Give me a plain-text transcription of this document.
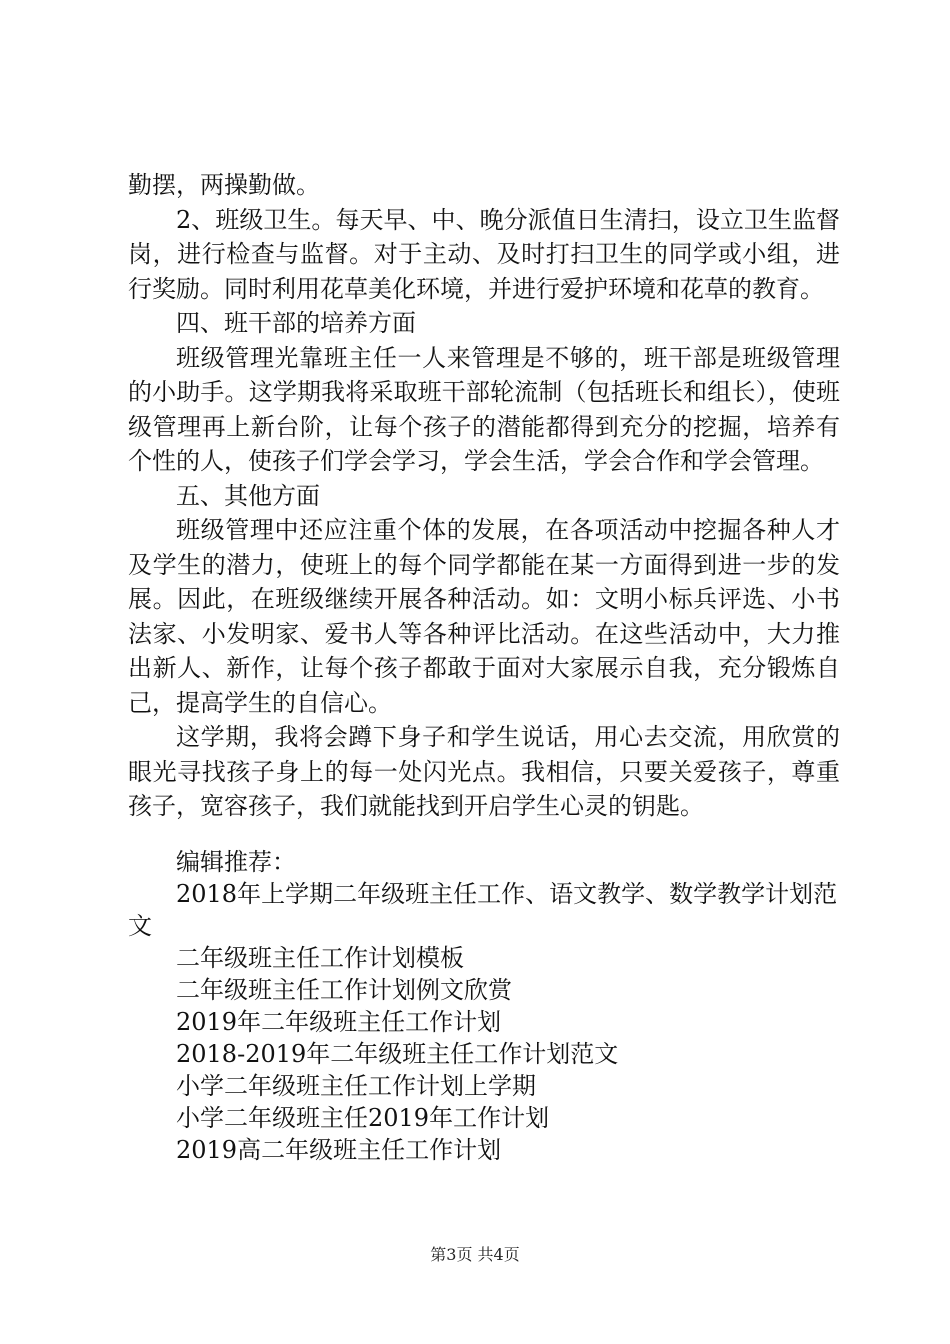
勤摆，两操勤做。

2、班级卫生。每天早、中、晚分派值日生清扫，设立卫生监督岗，进行检查与监督。对于主动、及时打扫卫生的同学或小组，进行奖励。同时利用花草美化环境，并进行爱护环境和花草的教育。

四、班干部的培养方面

班级管理光靠班主任一人来管理是不够的，班干部是班级管理的小助手。这学期我将采取班干部轮流制（包括班长和组长），使班级管理再上新台阶，让每个孩子的潜能都得到充分的挖掘，培养有个性的人，使孩子们学会学习，学会生活，学会合作和学会管理。

五、其他方面

班级管理中还应注重个体的发展，在各项活动中挖掘各种人才及学生的潜力，使班上的每个同学都能在某一方面得到进一步的发展。因此，在班级继续开展各种活动。如：文明小标兵评选、小书法家、小发明家、爱书人等各种评比活动。在这些活动中，大力推出新人、新作，让每个孩子都敢于面对大家展示自我，充分锻炼自己，提高学生的自信心。

这学期，我将会蹲下身子和学生说话，用心去交流，用欣赏的眼光寻找孩子身上的每一处闪光点。我相信，只要关爱孩子，尊重孩子，宽容孩子，我们就能找到开启学生心灵的钥匙。

编辑推荐：

2018年上学期二年级班主任工作、语文教学、数学教学计划范文

二年级班主任工作计划模板

二年级班主任工作计划例文欣赏

2019年二年级班主任工作计划

2018-2019年二年级班主任工作计划范文

小学二年级班主任工作计划上学期

小学二年级班主任2019年工作计划

2019高二年级班主任工作计划

第3页 共4页
